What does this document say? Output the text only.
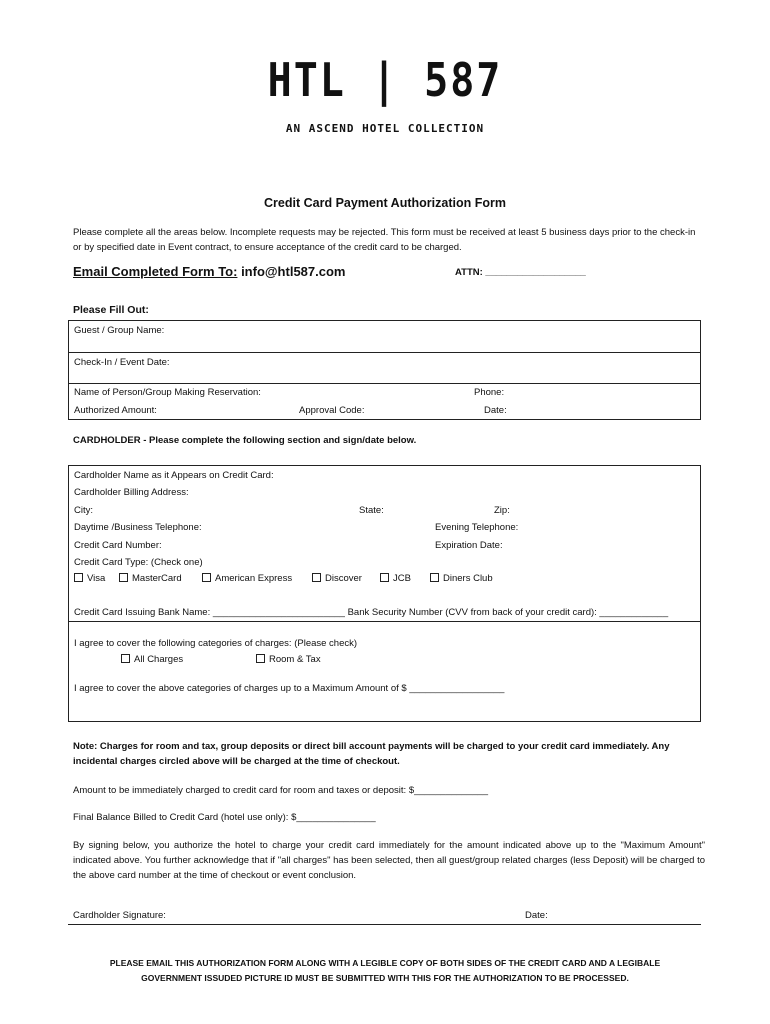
HTL | 587
AN ASCEND HOTEL COLLECTION
Credit Card Payment Authorization Form
Please complete all the areas below. Incomplete requests may be rejected. This form must be received at least 5 business days prior to the check-in or by specified date in Event contract, to ensure acceptance of the credit card to be charged.
Email Completed Form To: info@htl587.com	ATTN: ___________________
Please Fill Out:
Guest / Group Name:
Check-In / Event Date:
Name of Person/Group Making Reservation:	Phone:
Authorized Amount:	Approval Code:	Date:
CARDHOLDER - Please complete the following section and sign/date below.
Cardholder Name as it Appears on Credit Card:
Cardholder Billing Address:
City:	State:	Zip:
Daytime /Business Telephone:	Evening Telephone:
Credit Card Number:	Expiration Date:
Credit Card Type: (Check one)
Visa	MasterCard	American Express	Discover	JCB	Diners Club
Credit Card Issuing Bank Name: _________________________ Bank Security Number (CVV from back of your credit card): _____________
I agree to cover the following categories of charges: (Please check)
All Charges	Room & Tax
I agree to cover the above categories of charges up to a Maximum Amount of $ __________________
Note: Charges for room and tax, group deposits or direct bill account payments will be charged to your credit card immediately. Any incidental charges circled above will be charged at the time of checkout.
Amount to be immediately charged to credit card for room and taxes or deposit: $______________
Final Balance Billed to Credit Card (hotel use only): $_______________
By signing below, you authorize the hotel to charge your credit card immediately for the amount indicated above up to the "Maximum Amount" indicated above. You further acknowledge that if "all charges" has been selected, then all guest/group related charges (less Deposit) will be charged to the above card number at the time of checkout or event conclusion.
Cardholder Signature:	Date:
PLEASE EMAIL THIS AUTHORIZATION FORM ALONG WITH A LEGIBLE COPY OF BOTH SIDES OF THE CREDIT CARD AND A LEGIBALE
GOVERNMENT ISSUDED PICTURE ID MUST BE SUBMITTED WITH THIS FOR THE AUTHORIZATION TO BE PROCESSED.
